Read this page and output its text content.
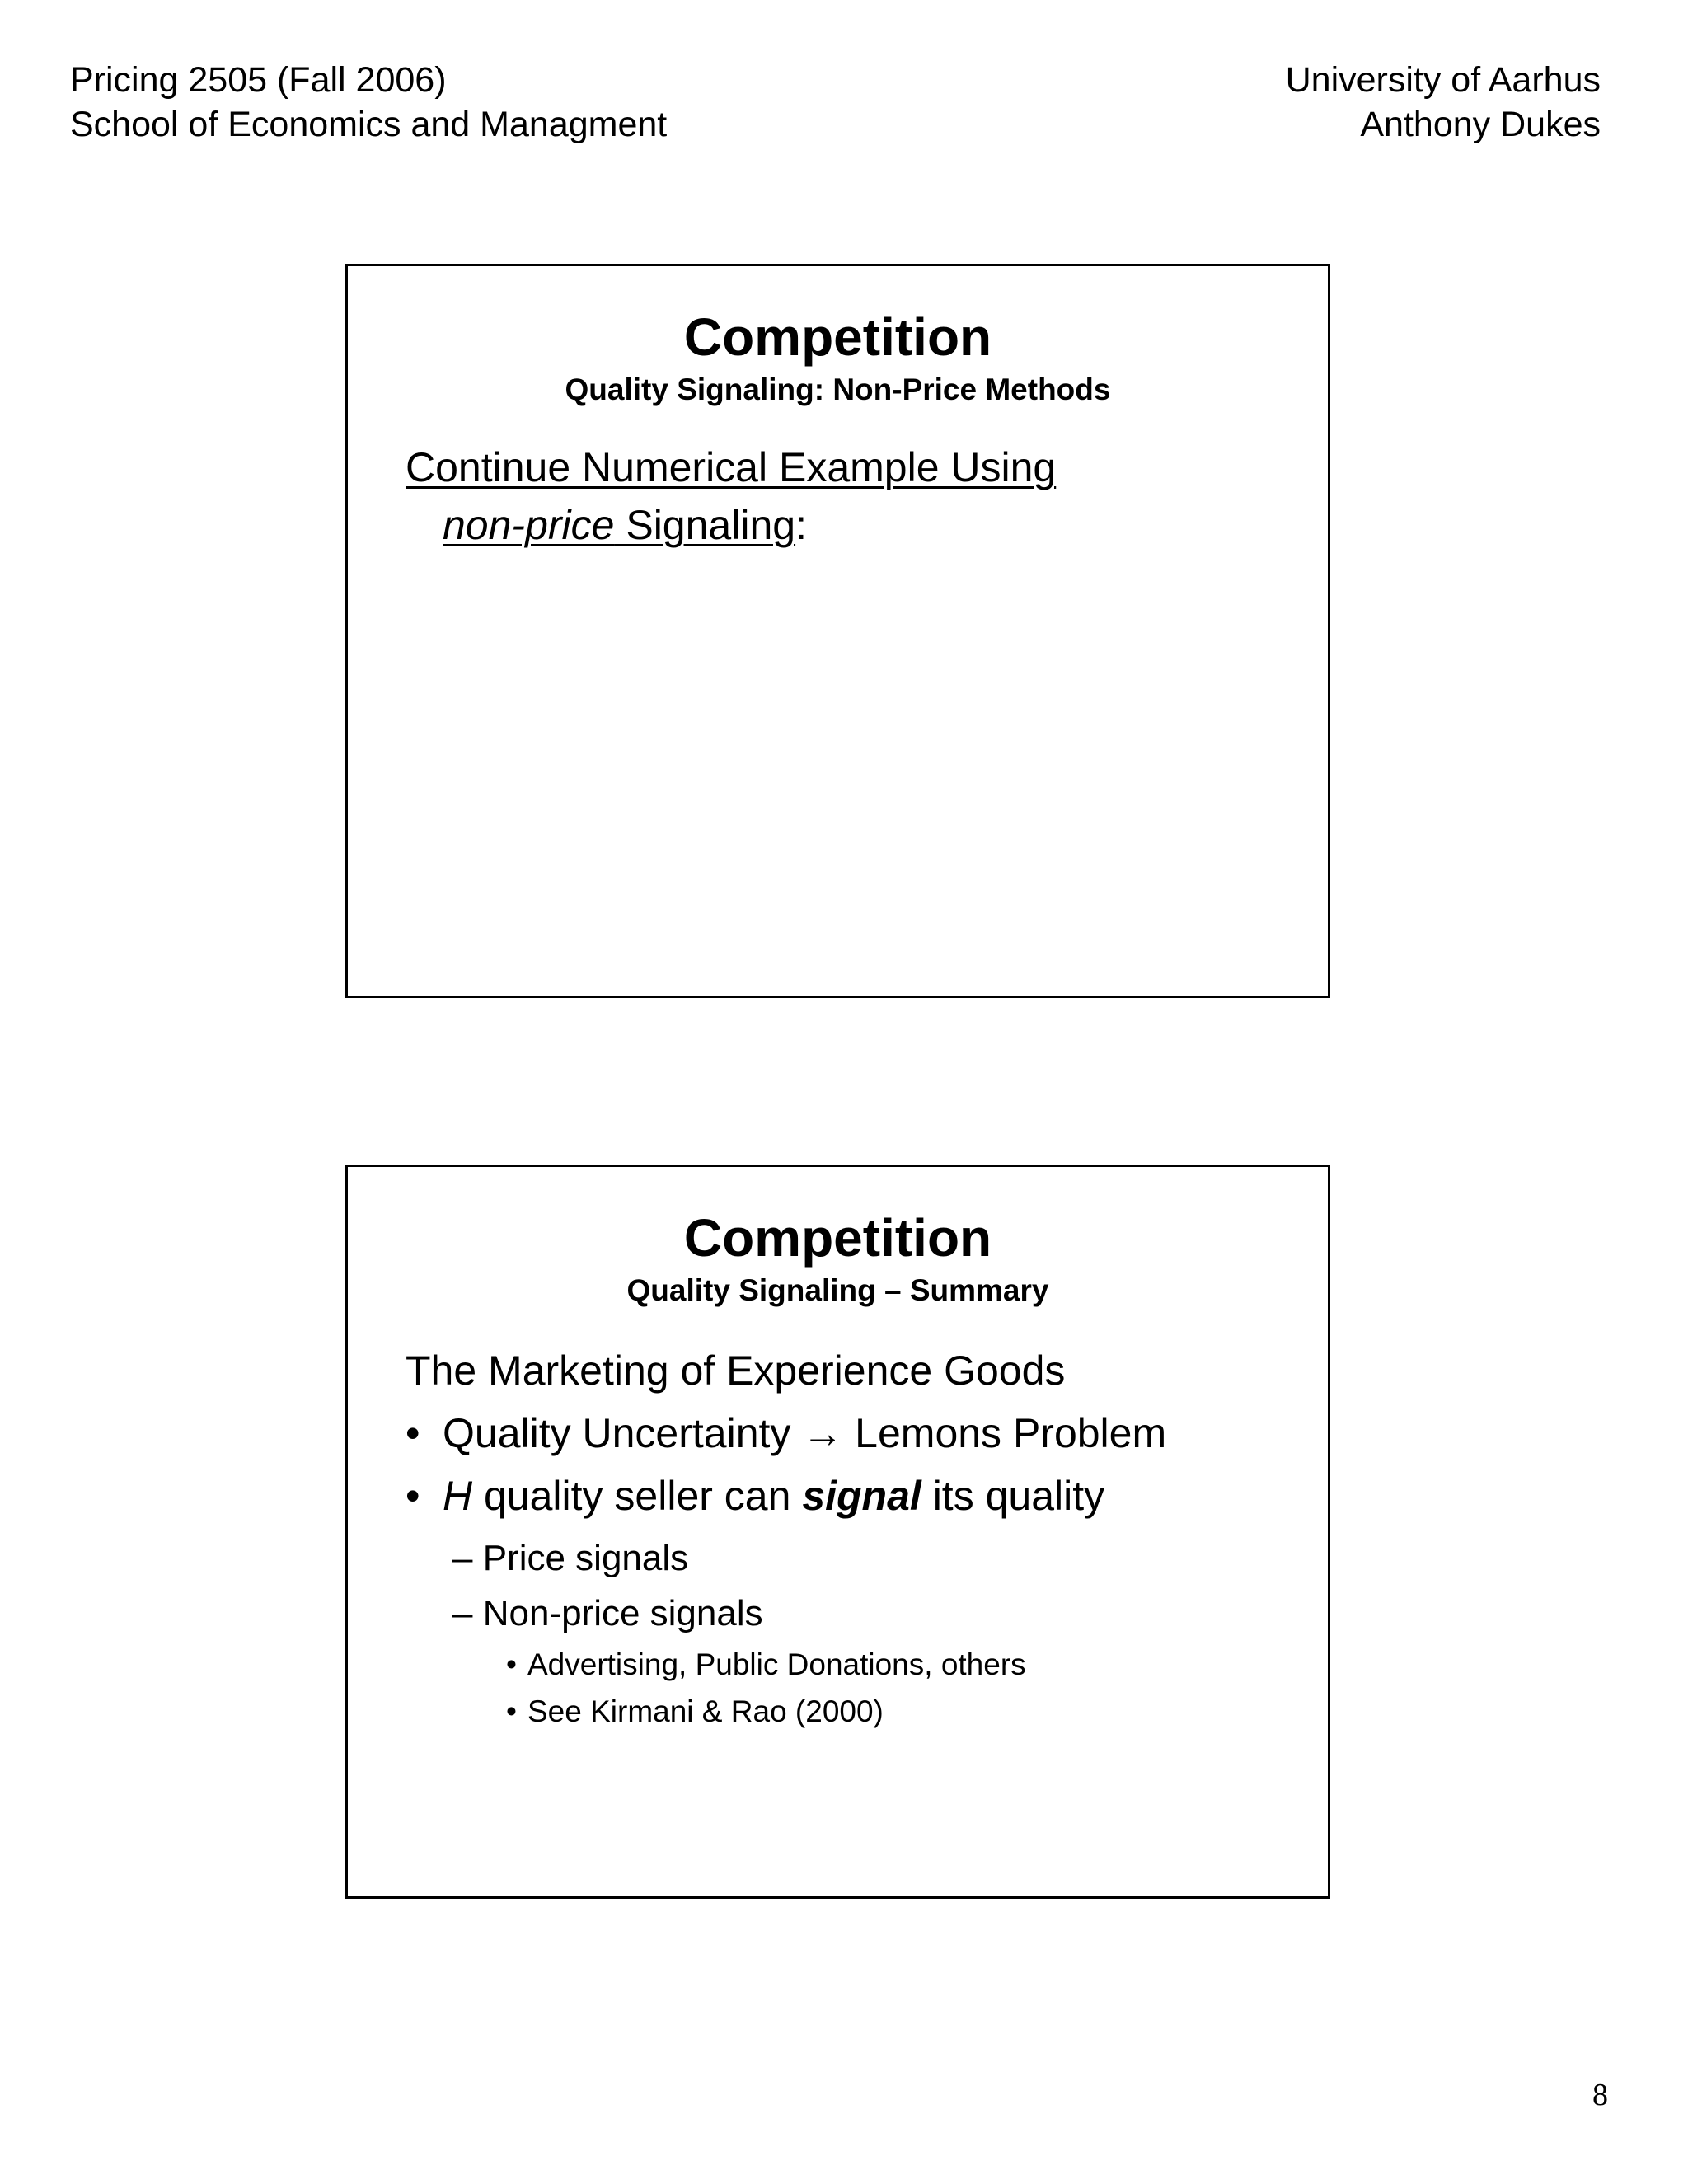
Pricing 2505 (Fall 2006)
School of Economics and Managment
University of Aarhus
Anthony Dukes
Competition
Quality Signaling: Non-Price Methods
Continue Numerical Example Using
non-price Signaling:
Competition
Quality Signaling – Summary
The Marketing of Experience Goods
• Quality Uncertainty → Lemons Problem
• H quality seller can signal its quality
– Price signals
– Non-price signals
• Advertising, Public Donations, others
• See Kirmani & Rao (2000)
8
